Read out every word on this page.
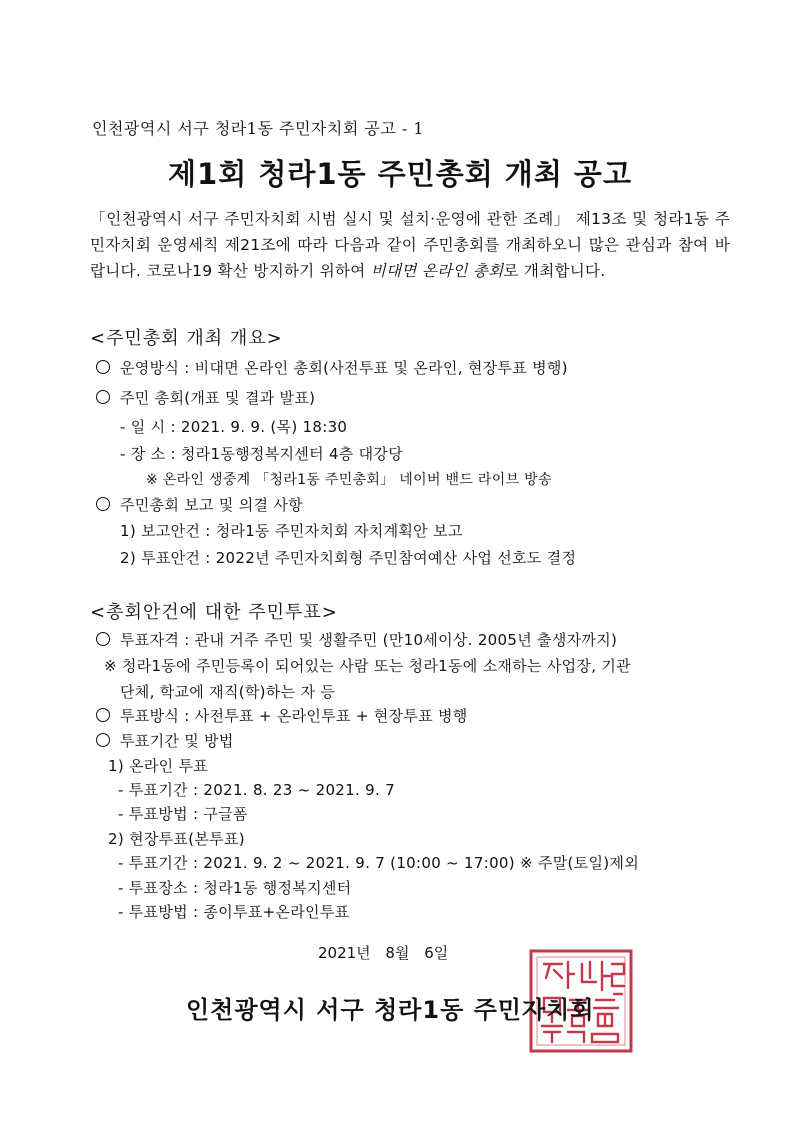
인천광역시 서구 청라1동 주민자치회 공고 - 1
제1회 청라1동 주민총회 개최 공고
「인천광역시 서구 주민자치회 시범 실시 및 설치·운영에 관한 조례」 제13조 및 청라1동 주민자치회 운영세칙 제21조에 따라 다음과 같이 주민총회를 개최하오니 많은 관심과 참여 바랍니다. 코로나19 확산 방지하기 위하여 비대면 온라인 총회로 개최합니다.
<주민총회 개최 개요>
운영방식 : 비대면 온라인 총회(사전투표 및 온라인, 현장투표 병행)
주민 총회(개표 및 결과 발표)
- 일 시 : 2021. 9. 9. (목) 18:30
- 장 소 : 청라1동행정복지센터 4층 대강당
※ 온라인 생중계 「청라1동 주민총회」 네이버 밴드 라이브 방송
주민총회 보고 및 의결 사항
1) 보고안건 : 청라1동 주민자치회 자치계획안 보고
2) 투표안건 : 2022년 주민자치회형 주민참여예산 사업 선호도 결정
<총회안건에 대한 주민투표>
투표자격 : 관내 거주 주민 및 생활주민 (만10세이상. 2005년 출생자까지)
※ 청라1동에 주민등록이 되어있는 사람 또는 청라1동에 소재하는 사업장, 기관
단체, 학교에 재직(학)하는 자 등
투표방식 : 사전투표 + 온라인투표 + 현장투표 병행
투표기간 및 방법
1) 온라인 투표
- 투표기간 : 2021. 8. 23 ~ 2021. 9. 7
- 투표방법 : 구글폼
2) 현장투표(본투표)
- 투표기간 : 2021. 9. 2 ~ 2021. 9. 7 (10:00 ~ 17:00) ※ 주말(토일)제외
- 투표장소 : 청라1동 행정복지센터
- 투표방법 : 종이투표+온라인투표
2021년 8월 6일
인천광역시 서구 청라1동 주민자치회
